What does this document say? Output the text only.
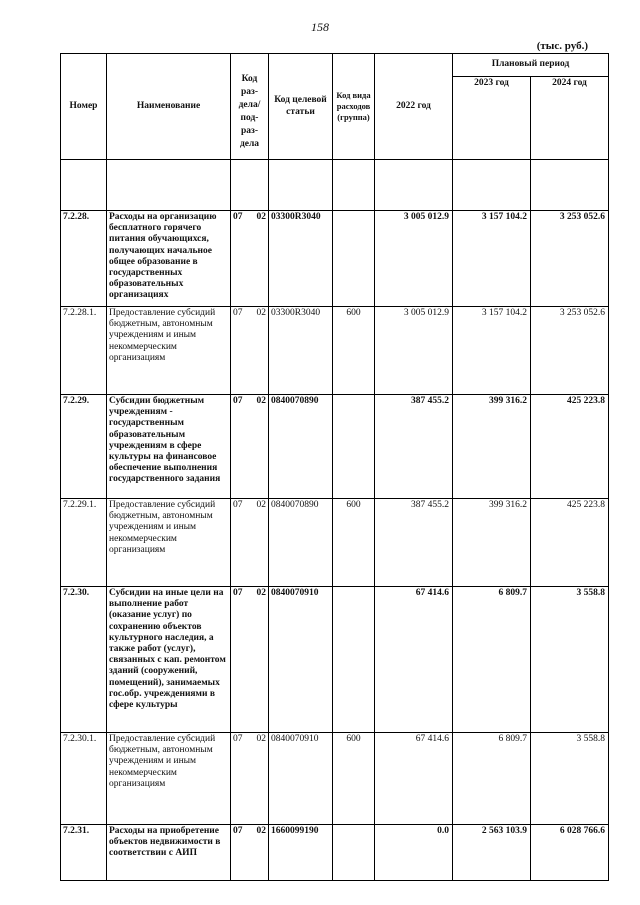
158
(тыс. руб.)
Номер	Наименование	Код раз-дела/ под-раз-дела	Код целевой статьи	Код вида расходов (группа)	2022 год	Плановый период	
						2023 год	2024 год

7.2.28.	Расходы на организацию бесплатного горячего питания обучающихся, получающих начальное общее образование в государственных образовательных организациях	07 02	03300R3040		3 005 012.9	3 157 104.2	3 253 052.6
7.2.28.1.	Предоставление субсидий бюджетным, автономным учреждениям и иным некоммерческим организациям	07 02	03300R3040	600	3 005 012.9	3 157 104.2	3 253 052.6
7.2.29.	Субсидии бюджетным учреждениям - государственным образовательным учреждениям в сфере культуры на финансовое обеспечение выполнения государственного задания	07 02	0840070890		387 455.2	399 316.2	425 223.8
7.2.29.1.	Предоставление субсидий бюджетным, автономным учреждениям и иным некоммерческим организациям	07 02	0840070890	600	387 455.2	399 316.2	425 223.8
7.2.30.	Субсидии на иные цели на выполнение работ (оказание услуг) по сохранению объектов культурного наследия, а также работ (услуг), связанных с кап. ремонтом зданий (сооружений, помещений), занимаемых гос.обр. учреждениями в сфере культуры	07 02	0840070910		67 414.6	6 809.7	3 558.8
7.2.30.1.	Предоставление субсидий бюджетным, автономным учреждениям и иным некоммерческим организациям	07 02	0840070910	600	67 414.6	6 809.7	3 558.8
7.2.31.	Расходы на приобретение объектов недвижимости в соответствии с АИП	07 02	1660099190		0.0	2 563 103.9	6 028 766.6
